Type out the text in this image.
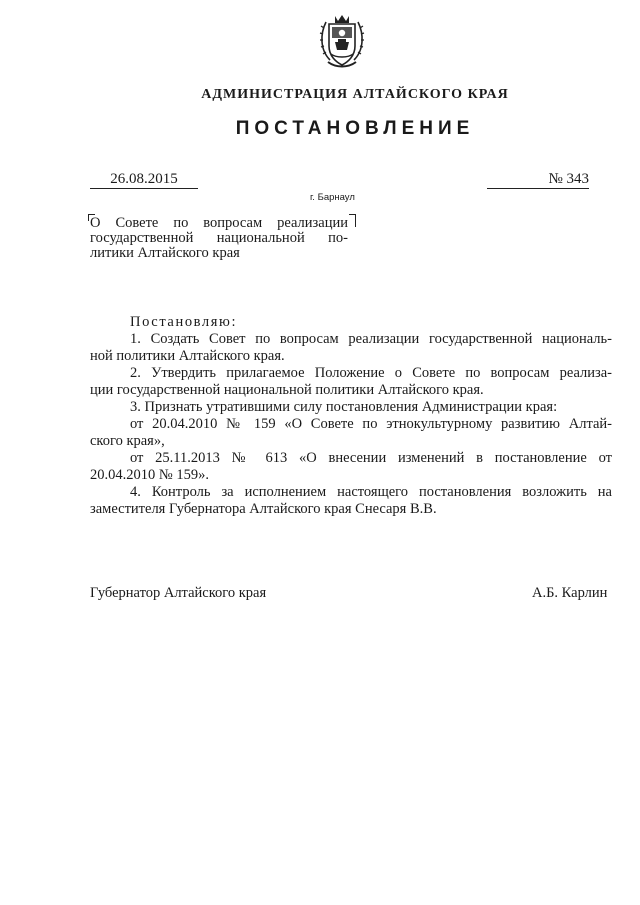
АДМИНИСТРАЦИЯ АЛТАЙСКОГО КРАЯ
ПОСТАНОВЛЕНИЕ
26.08.2015	№ 343
г. Барнаул
О Совете по вопросам реализации
государственной национальной по-
литики Алтайского края

Постановляю:

1. Создать Совет по вопросам реализации государственной националь-
ной политики Алтайского края.

2. Утвердить прилагаемое Положение о Совете по вопросам реализа-
ции государственной национальной политики Алтайского края.

3. Признать утратившими силу постановления Администрации края:

от 20.04.2010 № 159 «О Совете по этнокультурному развитию Алтай-
ского края»,

от 25.11.2013 № 613 «О внесении изменений в постановление от
20.04.2010 № 159».

4. Контроль за исполнением настоящего постановления возложить на
заместителя Губернатора Алтайского края Снесаря В.В.

Губернатор Алтайского края	А.Б. Карлин
